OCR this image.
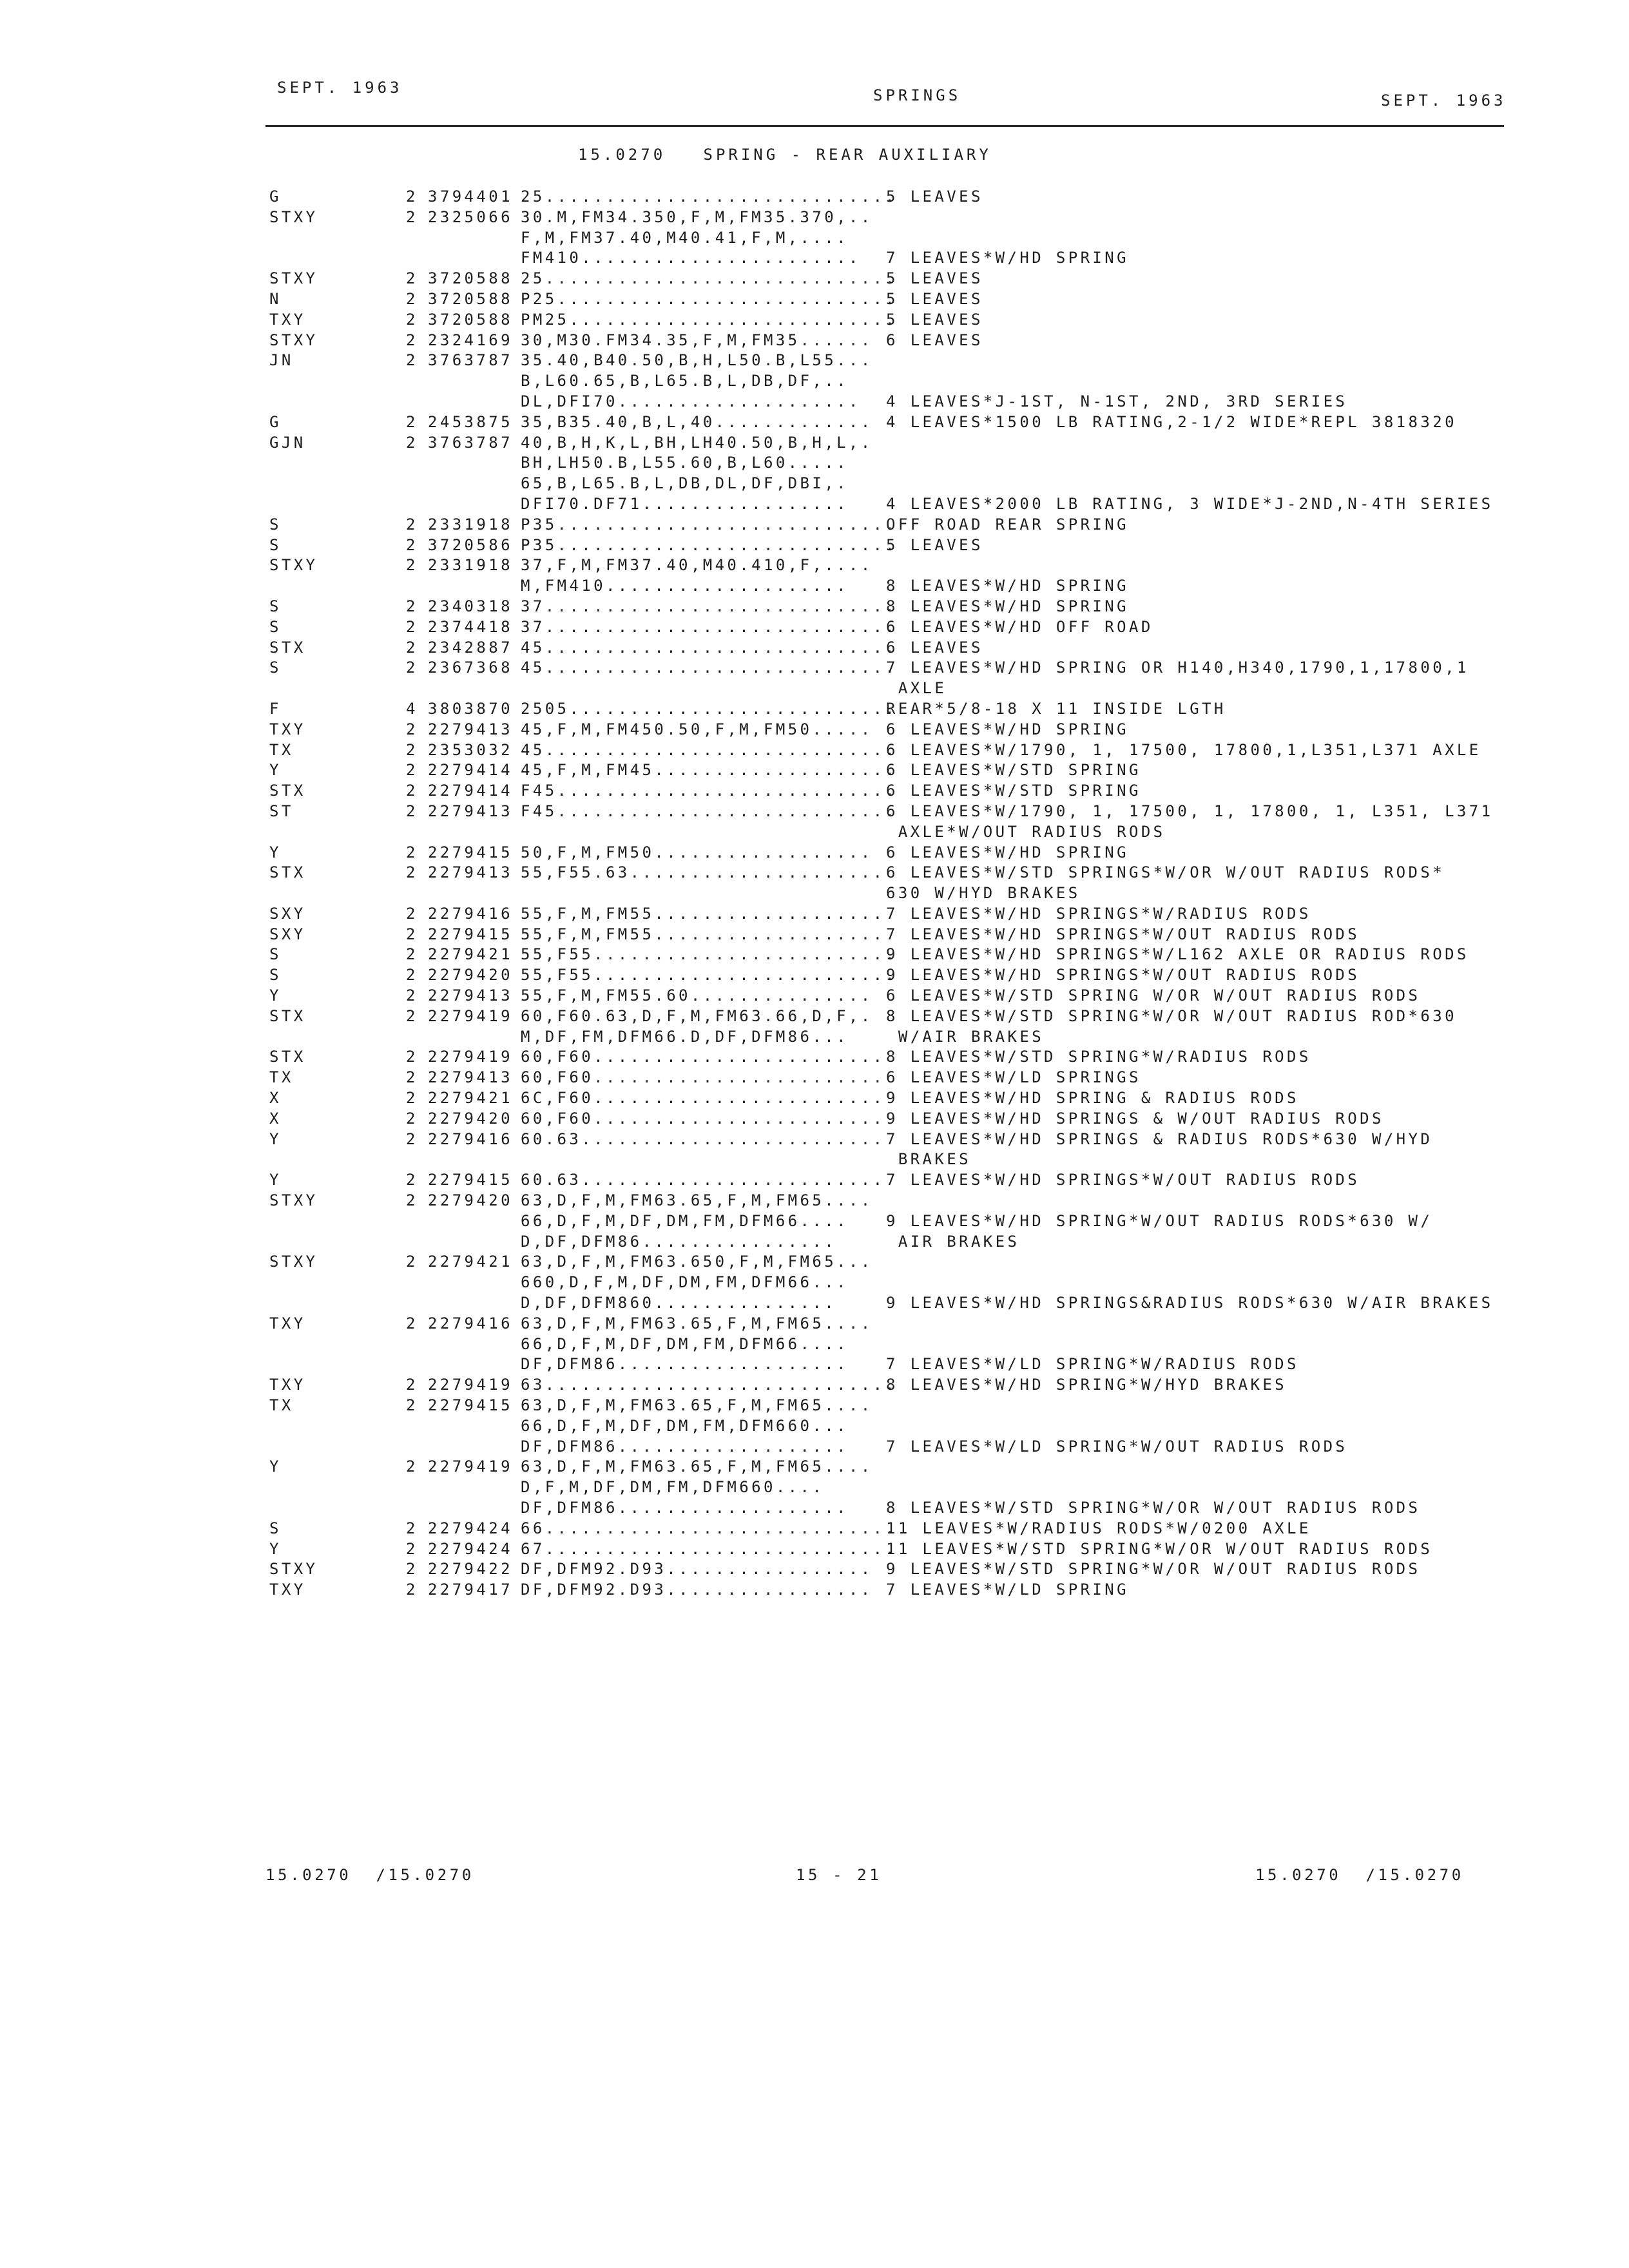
SEPT. 1963	SPRINGS	SEPT. 1963
15.0270   SPRING - REAR AUXILIARY
G	2 3794401 25.............................
5 LEAVES
STXY	2 2325066 30.M,FM34.350,F,M,FM35.370,..
F,M,FM37.40,M40.41,F,M,....
FM410....................... 7 LEAVES*W/HD SPRING
STXY	2 3720588 25.............................
5 LEAVES
N	2 3720588 P25............................
5 LEAVES
TXY	2 3720588 PM25...........................
5 LEAVES
STXY	2 2324169 30,M30.FM34.35,F,M,FM35...... 6 LEAVES
JN	2 3763787 35.40,B40.50,B,H,L50.B,L55...
B,L60.65,B,L65.B,L,DB,DF,..
DL,DFI70.................... 4 LEAVES*J-1ST, N-1ST, 2ND, 3RD SERIES
G	2 2453875 35,B35.40,B,L,40............. 4 LEAVES*1500 LB RATING,2-1/2 WIDE*REPL 3818320
GJN	2 3763787 40,B,H,K,L,BH,LH40.50,B,H,L,.
BH,LH50.B,L55.60,B,L60.....
65,B,L65.B,L,DB,DL,DF,DBI,.
DFI70.DF71................. 4 LEAVES*2000 LB RATING, 3 WIDE*J-2ND,N-4TH SERIES
S	2 2331918 P35............................
OFF ROAD REAR SPRING
S	2 3720586 P35............................
5 LEAVES
STXY	2 2331918 37,F,M,FM37.40,M40.410,F,....
M,FM410.................... 8 LEAVES*W/HD SPRING
S	2 2340318 37.............................
8 LEAVES*W/HD SPRING
S	2 2374418 37.............................
6 LEAVES*W/HD OFF ROAD
STX	2 2342887 45.............................
6 LEAVES
S	2 2367368 45.............................
7 LEAVES*W/HD SPRING OR H140,H340,1790,1,17800,1
AXLE
F	4 3803870 2505...........................
REAR*5/8-18 X 11 INSIDE LGTH
TXY	2 2279413 45,F,M,FM450.50,F,M,FM50..... 6 LEAVES*W/HD SPRING
TX	2 2353032 45.............................
6 LEAVES*W/1790, 1, 17500, 17800,1,L351,L371 AXLE
Y	2 2279414 45,F,M,FM45....................
6 LEAVES*W/STD SPRING
STX	2 2279414 F45............................
6 LEAVES*W/STD SPRING
ST	2 2279413 F45............................
6 LEAVES*W/1790, 1, 17500, 1, 17800, 1, L351, L371
AXLE*W/OUT RADIUS RODS
Y	2 2279415 50,F,M,FM50.................. 6 LEAVES*W/HD SPRING
STX	2 2279413 55,F55.63..................... 6 LEAVES*W/STD SPRINGS*W/OR W/OUT RADIUS RODS*
630 W/HYD BRAKES
SXY	2 2279416 55,F,M,FM55................... 7 LEAVES*W/HD SPRINGS*W/RADIUS RODS
SXY	2 2279415 55,F,M,FM55................... 7 LEAVES*W/HD SPRINGS*W/OUT RADIUS RODS
S	2 2279421 55,F55.........................
9 LEAVES*W/HD SPRINGS*W/L162 AXLE OR RADIUS RODS
S	2 2279420 55,F55.........................
9 LEAVES*W/HD SPRINGS*W/OUT RADIUS RODS
Y	2 2279413 55,F,M,FM55.60............... 6 LEAVES*W/STD SPRING W/OR W/OUT RADIUS RODS
STX	2 2279419 60,F60.63,D,F,M,FM63.66,D,F,. 8 LEAVES*W/STD SPRING*W/OR W/OUT RADIUS ROD*630
M,DF,FM,DFM66.D,DF,DFM86... W/AIR BRAKES
STX	2 2279419 60,F60........................ 8 LEAVES*W/STD SPRING*W/RADIUS RODS
TX	2 2279413 60,F60........................ 6 LEAVES*W/LD SPRINGS
X	2 2279421 6C,F60........................ 9 LEAVES*W/HD SPRING & RADIUS RODS
X	2 2279420 60,F60........................ 9 LEAVES*W/HD SPRINGS & W/OUT RADIUS RODS
Y	2 2279416 60.63......................... 7 LEAVES*W/HD SPRINGS & RADIUS RODS*630 W/HYD
BRAKES
Y	2 2279415 60.63......................... 7 LEAVES*W/HD SPRINGS*W/OUT RADIUS RODS
STXY	2 2279420 63,D,F,M,FM63.65,F,M,FM65....
66,D,F,M,DF,DM,FM,DFM66.... 9 LEAVES*W/HD SPRING*W/OUT RADIUS RODS*630 W/
D,DF,DFM86................	AIR BRAKES
STXY	2 2279421 63,D,F,M,FM63.650,F,M,FM65...
660,D,F,M,DF,DM,FM,DFM66...
D,DF,DFM860...............	9 LEAVES*W/HD SPRINGS&RADIUS RODS*630 W/AIR BRAKES
TXY	2 2279416 63,D,F,M,FM63.65,F,M,FM65....
66,D,F,M,DF,DM,FM,DFM66....
DF,DFM86................... 7 LEAVES*W/LD SPRING*W/RADIUS RODS
TXY	2 2279419 63.............................
8 LEAVES*W/HD SPRING*W/HYD BRAKES
TX	2 2279415 63,D,F,M,FM63.65,F,M,FM65....
66,D,F,M,DF,DM,FM,DFM660...
DF,DFM86................... 7 LEAVES*W/LD SPRING*W/OUT RADIUS RODS
Y	2 2279419 63,D,F,M,FM63.65,F,M,FM65....
D,F,M,DF,DM,FM,DFM660....
DF,DFM86................... 8 LEAVES*W/STD SPRING*W/OR W/OUT RADIUS RODS
S	2 2279424 66.............................
11 LEAVES*W/RADIUS RODS*W/0200 AXLE
Y	2 2279424 67.............................
11 LEAVES*W/STD SPRING*W/OR W/OUT RADIUS RODS
STXY	2 2279422 DF,DFM92.D93................. 9 LEAVES*W/STD SPRING*W/OR W/OUT RADIUS RODS
TXY	2 2279417 DF,DFM92.D93................. 7 LEAVES*W/LD SPRING
15.0270  /15.0270	15 - 21	15.0270  /15.0270
